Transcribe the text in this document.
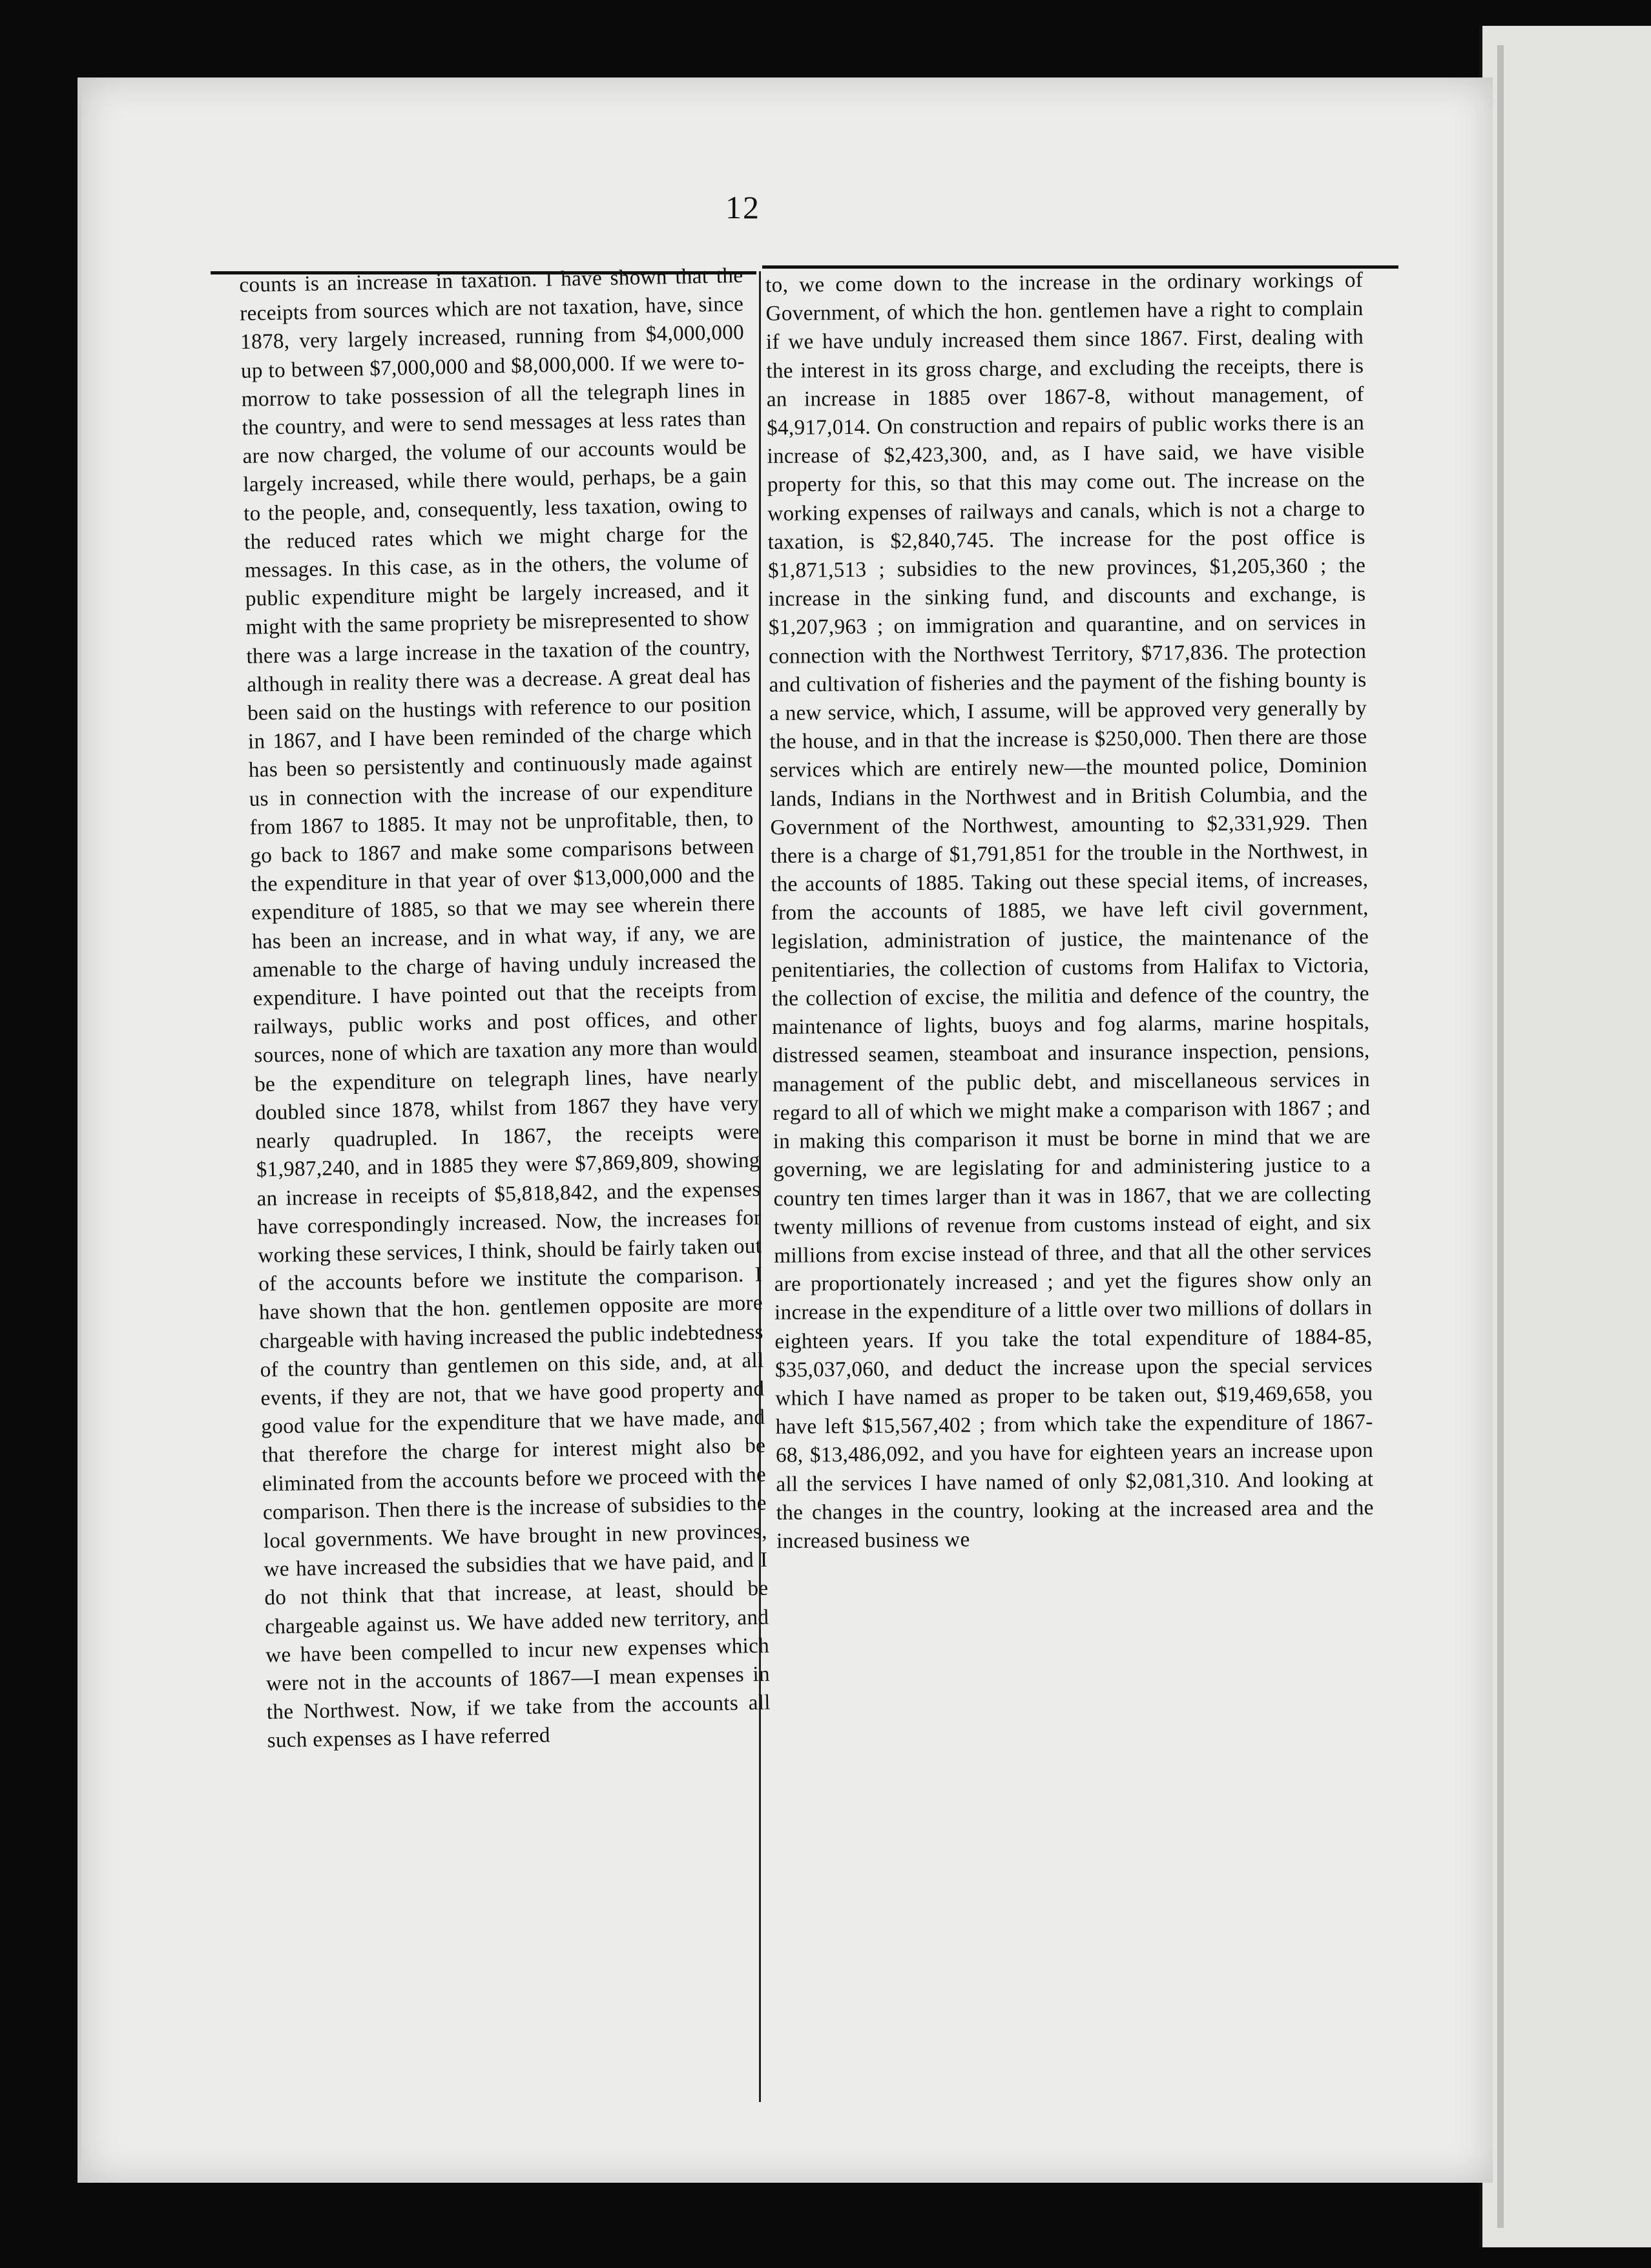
12

counts is an increase in taxation. I have shown that the receipts from sources which are not taxation, have, since 1878, very largely increased, running from $4,000,000 up to between $7,000,000 and $8,000,000. If we were to-morrow to take possession of all the telegraph lines in the country, and were to send messages at less rates than are now charged, the volume of our accounts would be largely increased, while there would, perhaps, be a gain to the people, and, consequently, less taxation, owing to the reduced rates which we might charge for the messages. In this case, as in the others, the volume of public expenditure might be largely increased, and it might with the same propriety be misrepresented to show there was a large increase in the taxation of the country, although in reality there was a decrease. A great deal has been said on the hustings with reference to our position in 1867, and I have been reminded of the charge which has been so persistently and continuously made against us in connection with the increase of our expenditure from 1867 to 1885. It may not be unprofitable, then, to go back to 1867 and make some comparisons between the expenditure in that year of over $13,000,000 and the expenditure of 1885, so that we may see wherein there has been an increase, and in what way, if any, we are amenable to the charge of having unduly increased the expenditure. I have pointed out that the receipts from railways, public works and post offices, and other sources, none of which are taxation any more than would be the expenditure on telegraph lines, have nearly doubled since 1878, whilst from 1867 they have very nearly quadrupled. In 1867, the receipts were $1,987,240, and in 1885 they were $7,869,809, showing an increase in receipts of $5,818,842, and the expenses have correspondingly increased. Now, the increases for working these services, I think, should be fairly taken out of the accounts before we institute the comparison. I have shown that the hon. gentlemen opposite are more chargeable with having increased the public indebtedness of the country than gentlemen on this side, and, at all events, if they are not, that we have good property and good value for the expenditure that we have made, and that therefore the charge for interest might also be eliminated from the accounts before we proceed with the comparison. Then there is the increase of subsidies to the local governments. We have brought in new provinces, we have increased the subsidies that we have paid, and I do not think that that increase, at least, should be chargeable against us. We have added new territory, and we have been compelled to incur new expenses which were not in the accounts of 1867—I mean expenses in the Northwest. Now, if we take from the accounts all such expenses as I have referred

to, we come down to the increase in the ordinary workings of Government, of which the hon. gentlemen have a right to complain if we have unduly increased them since 1867. First, dealing with the interest in its gross charge, and excluding the receipts, there is an increase in 1885 over 1867-8, without management, of $4,917,014. On construction and repairs of public works there is an increase of $2,423,300, and, as I have said, we have visible property for this, so that this may come out. The increase on the working expenses of railways and canals, which is not a charge to taxation, is $2,840,745. The increase for the post office is $1,871,513 ; subsidies to the new provinces, $1,205,360 ; the increase in the sinking fund, and discounts and exchange, is $1,207,963 ; on immigration and quarantine, and on services in connection with the Northwest Territory, $717,836. The protection and cultivation of fisheries and the payment of the fishing bounty is a new service, which, I assume, will be approved very generally by the house, and in that the increase is $250,000. Then there are those services which are entirely new—the mounted police, Dominion lands, Indians in the Northwest and in British Columbia, and the Government of the Northwest, amounting to $2,331,929. Then there is a charge of $1,791,851 for the trouble in the Northwest, in the accounts of 1885. Taking out these special items, of increases, from the accounts of 1885, we have left civil government, legislation, administration of justice, the maintenance of the penitentiaries, the collection of customs from Halifax to Victoria, the collection of excise, the militia and defence of the country, the maintenance of lights, buoys and fog alarms, marine hospitals, distressed seamen, steamboat and insurance inspection, pensions, management of the public debt, and miscellaneous services in regard to all of which we might make a comparison with 1867 ; and in making this comparison it must be borne in mind that we are governing, we are legislating for and administering justice to a country ten times larger than it was in 1867, that we are collecting twenty millions of revenue from customs instead of eight, and six millions from excise instead of three, and that all the other services are proportionately increased ; and yet the figures show only an increase in the expenditure of a little over two millions of dollars in eighteen years. If you take the total expenditure of 1884-85, $35,037,060, and deduct the increase upon the special services which I have named as proper to be taken out, $19,469,658, you have left $15,567,402 ; from which take the expenditure of 1867-68, $13,486,092, and you have for eighteen years an increase upon all the services I have named of only $2,081,310. And looking at the changes in the country, looking at the increased area and the increased business we
